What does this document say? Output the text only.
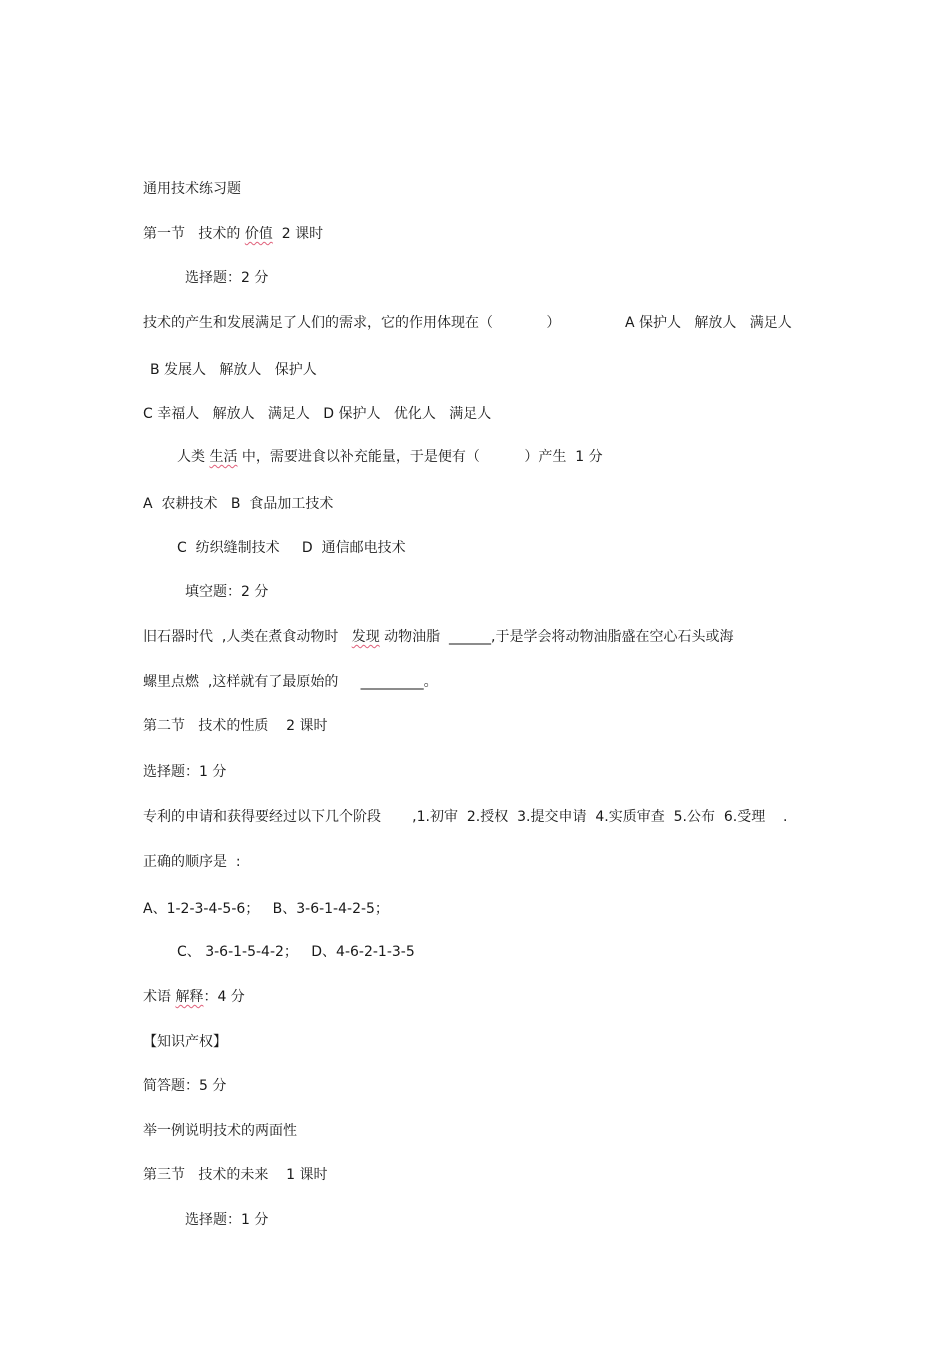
通用技术练习题
第一节   技术的 价值  2 课时
选择题：2 分
技术的产生和发展满足了人们的需求，它的作用体现在（            ）	A 保护人   解放人   满足人
B 发展人   解放人   保护人
C 幸福人   解放人   满足人   D 保护人   优化人   满足人
人类 生活 中，需要进食以补充能量，于是便有（          ）产生  1 分
A  农耕技术   B  食品加工技术
C  纺织缝制技术     D  通信邮电技术
填空题：2 分
旧石器时代  ,人类在煮食动物时   发现 动物油脂  ______,于是学会将动物油脂盛在空心石头或海
螺里点燃  ,这样就有了最原始的     _________。
第二节   技术的性质    2 课时
选择题：1 分
专利的申请和获得要经过以下几个阶段       ,1.初审  2.授权  3.提交申请  4.实质审查  5.公布  6.受理    .
正确的顺序是  :
A、1-2-3-4-5-6；   B、3-6-1-4-2-5；
C、 3-6-1-5-4-2；   D、4-6-2-1-3-5
术语 解释：4 分
【知识产权】
简答题：5 分
举一例说明技术的两面性
第三节   技术的未来    1 课时
选择题：1 分
